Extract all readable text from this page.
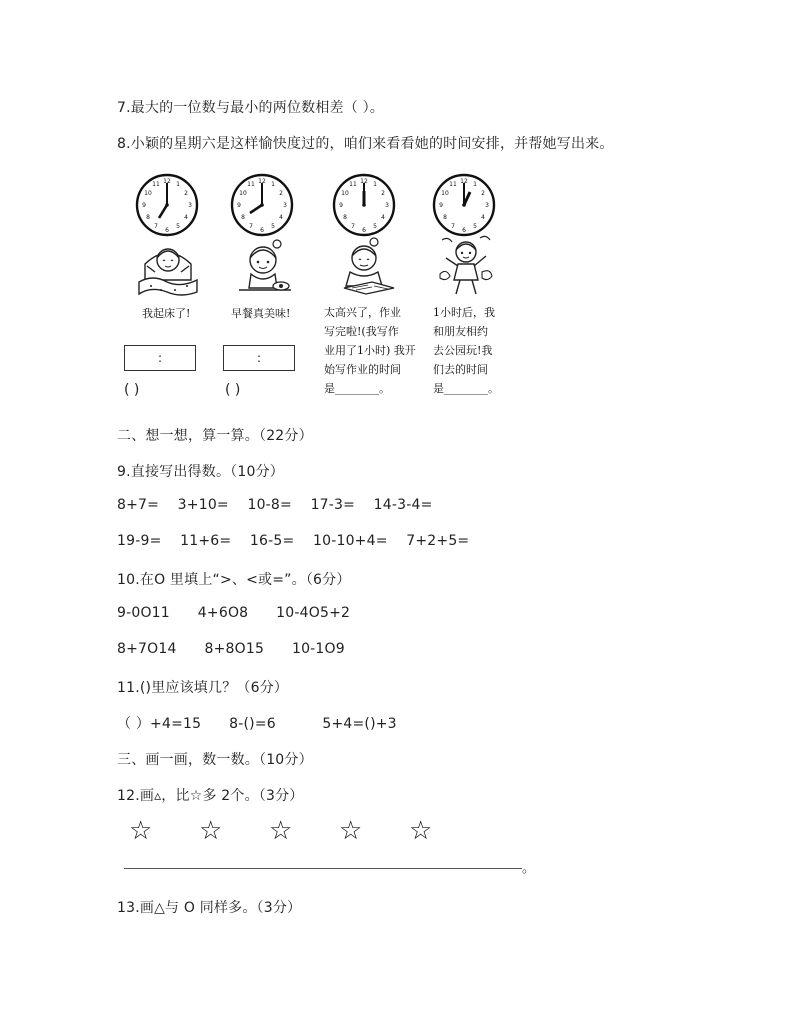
7.最大的一位数与最小的两位数相差（ ）。
8.小颖的星期六是这样愉快度过的，咱们来看看她的时间安排，并帮她写出来。
12 1
2
3
4
5
6
7
8
9
10
11	12 1
2
3
4
5
6
7
8
9
10
11	12 1
2
3
4
5
6
7
8
9
10
11	12 1
2
3
4
5
6
7
8
9
10
11
我起床了!	早餐真美味!	太高兴了，作业
写完啦!(我写作
业用了1小时) 我开
始写作业的时间
是________。
1小时后，我
和朋友相约
去公园玩!我
们去的时间
是________。
:	:
( )	( )
二、想一想，算一算。（22分）
9.直接写出得数。（10分）
8+7=    3+10=    10-8=    17-3=    14-3-4=
19-9=    11+6=    16-5=    10-10+4=    7+2+5=
10.在O 里填上“>、<或=”。（6分）
9-0O11      4+6O8      10-4O5+2
8+7O14      8+8O15      10-1O9
11.()里应该填几？（6分）
（ ）+4=15      8-()=6          5+4=()+3
三、画一画，数一数。（10分）
12.画▵，比☆多 2个。（3分）
☆ ☆ ☆ ☆ ☆
。
13.画△与 O 同样多。（3分）
